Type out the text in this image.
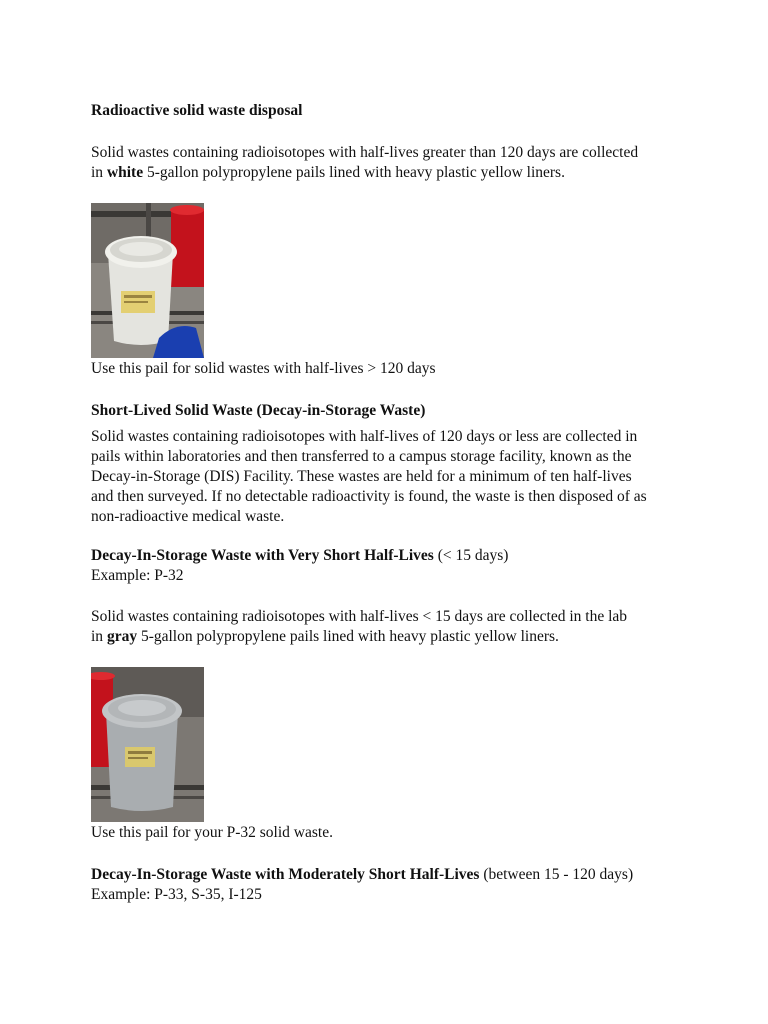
Radioactive solid waste disposal

Solid wastes containing radioisotopes with half-lives greater than 120 days are collected
in white 5-gallon polypropylene pails lined with heavy plastic yellow liners.

Use this pail for solid wastes with half-lives > 120 days

Short-Lived Solid Waste (Decay-in-Storage Waste)

Solid wastes containing radioisotopes with half-lives of 120 days or less are collected in
pails within laboratories and then transferred to a campus storage facility, known as the
Decay-in-Storage (DIS) Facility. These wastes are held for a minimum of ten half-lives
and then surveyed. If no detectable radioactivity is found, the waste is then disposed of as
non-radioactive medical waste.

Decay-In-Storage Waste with Very Short Half-Lives (< 15 days)
Example: P-32

Solid wastes containing radioisotopes with half-lives < 15 days are collected in the lab
in gray 5-gallon polypropylene pails lined with heavy plastic yellow liners.

Use this pail for your P-32 solid waste.

Decay-In-Storage Waste with Moderately Short Half-Lives (between 15 - 120 days)
Example: P-33, S-35, I-125
